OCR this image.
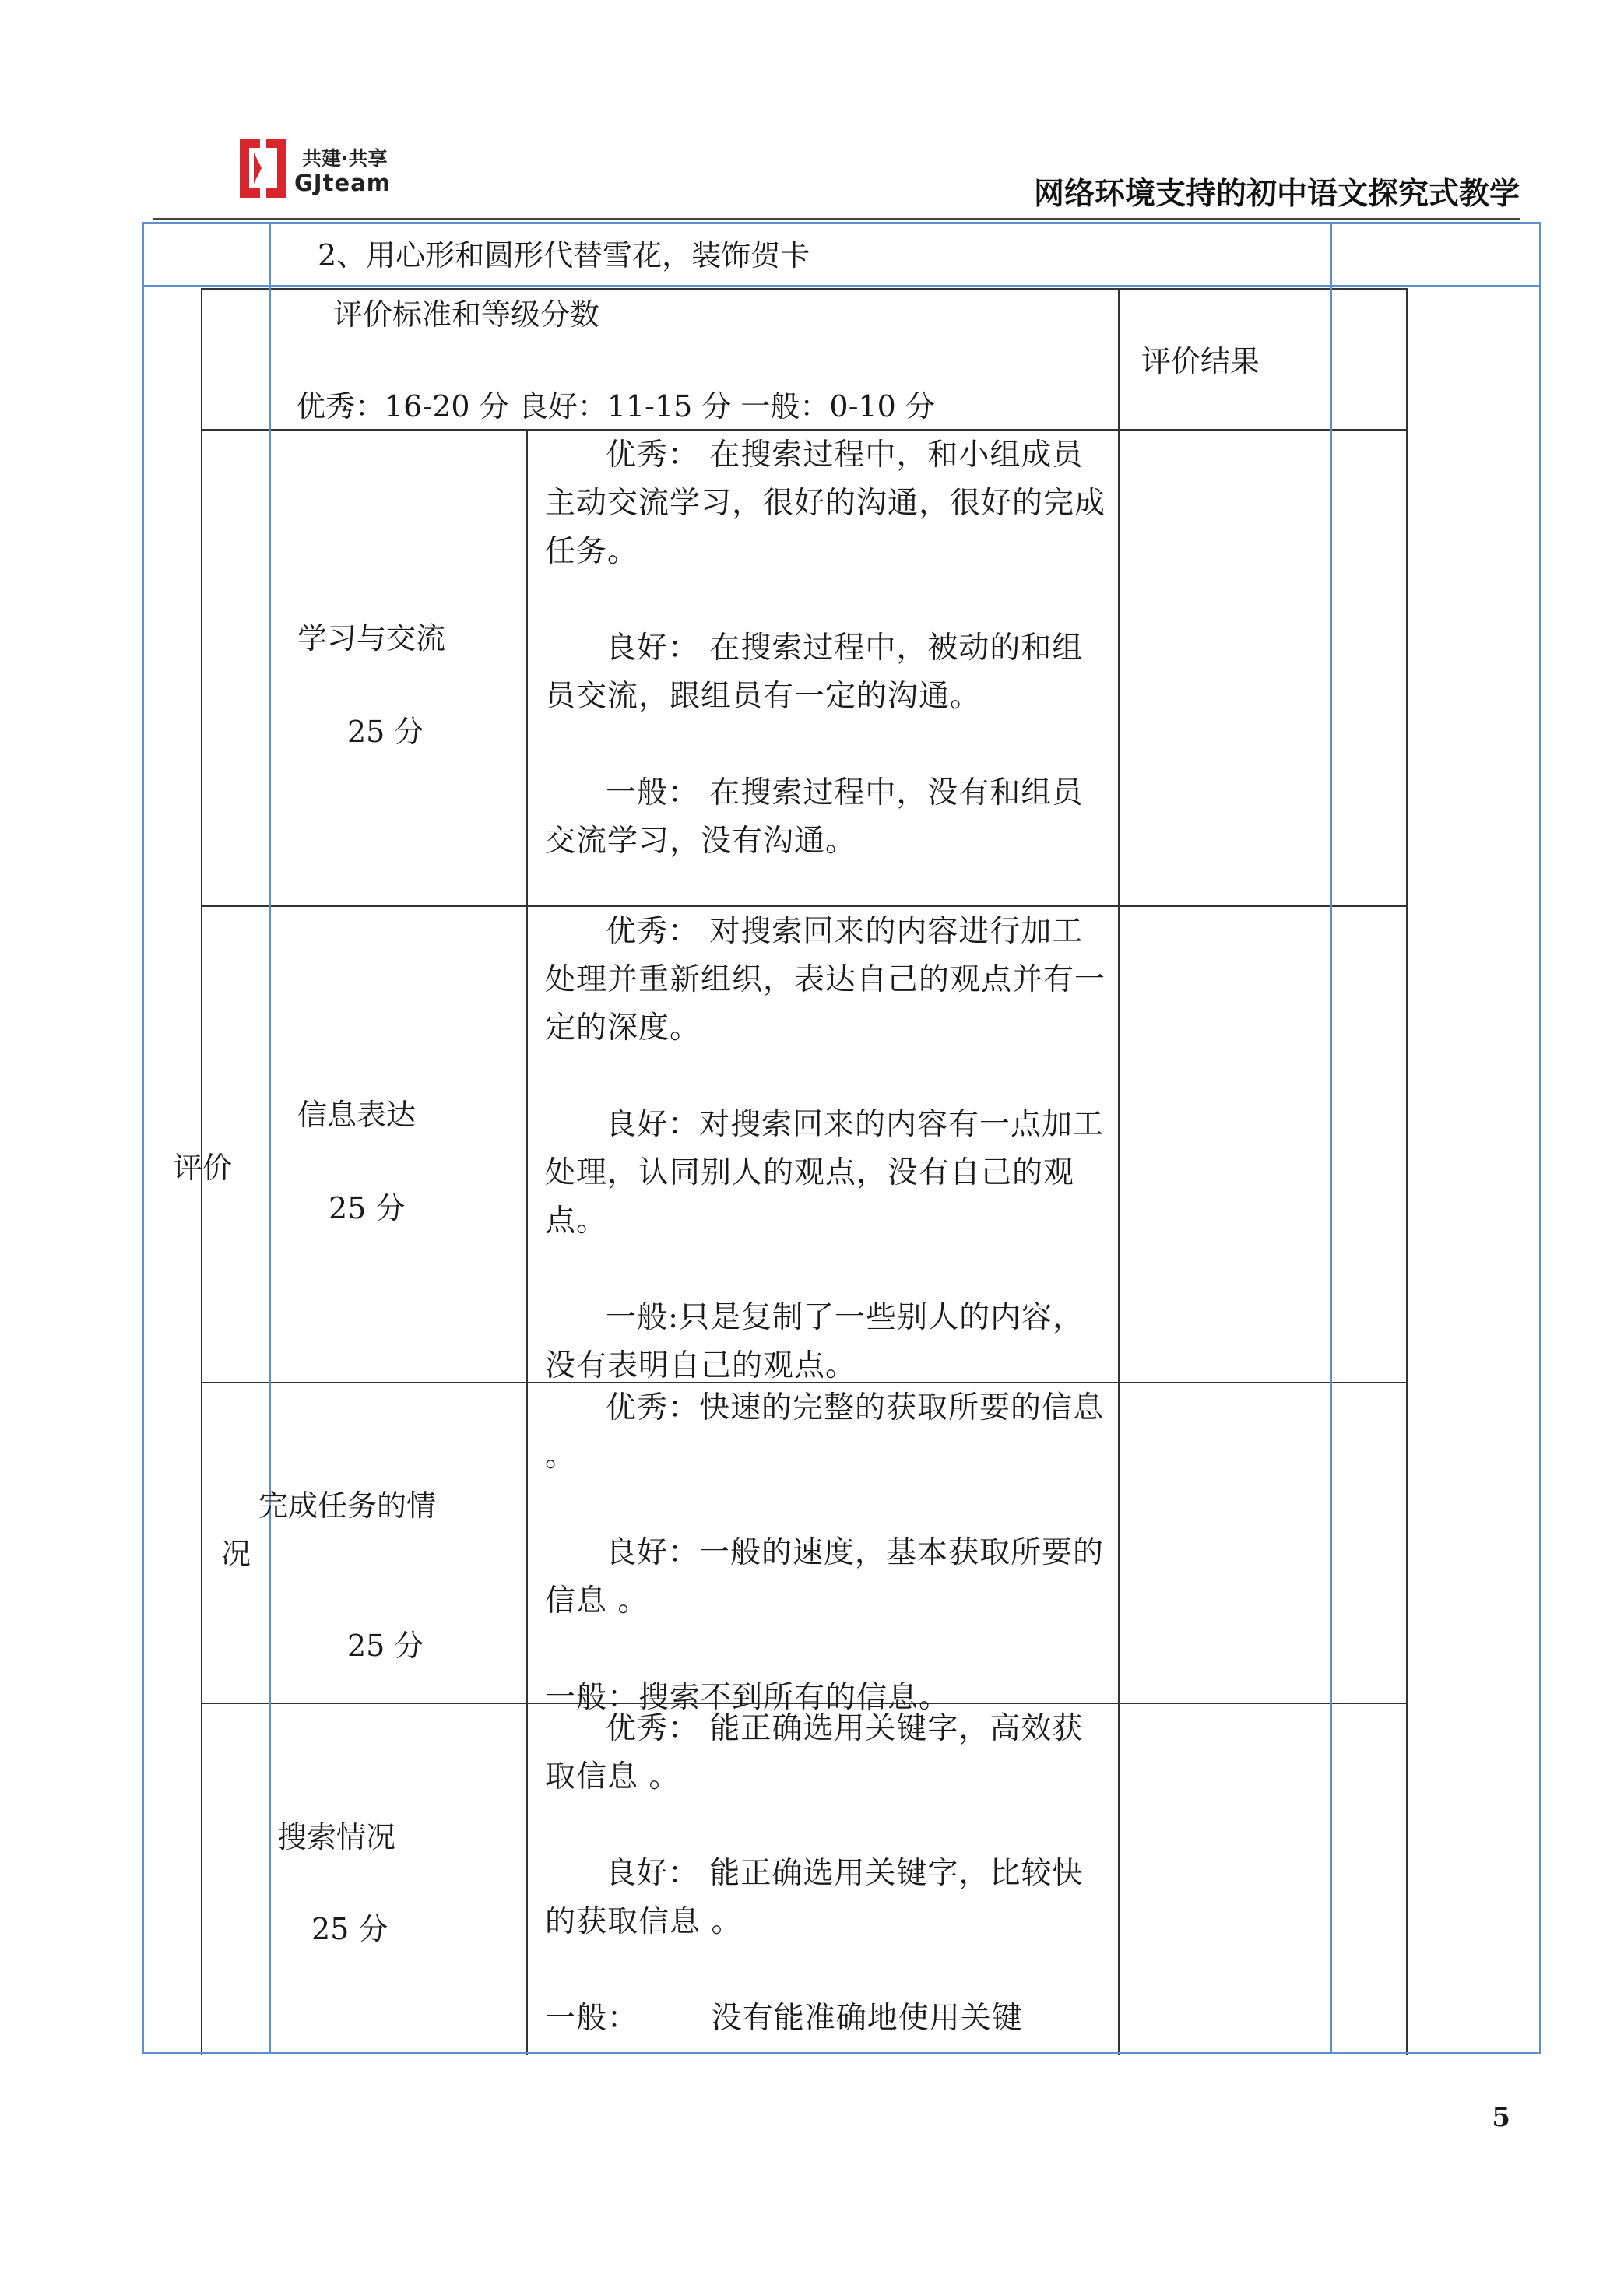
共建·共享
GJteam	网络环境支持的初中语文探究式教学
2、用心形和圆形代替雪花，装饰贺卡
评价
评价标准和等级分数
优秀：16-20 分 良好：11-15 分 一般：0-10 分
评价结果
学习与交流
25 分

优秀： 在搜索过程中，和小组成员主动交流学习，很好的沟通，很好的完成任务。

良好： 在搜索过程中，被动的和组员交流，跟组员有一定的沟通。

一般： 在搜索过程中，没有和组员交流学习，没有沟通。

信息表达
25 分

优秀： 对搜索回来的内容进行加工处理并重新组织，表达自己的观点并有一定的深度。

良好：对搜索回来的内容有一点加工处理，认同别人的观点，没有自己的观点。

一般:只是复制了一些别人的内容，没有表明自己的观点。

完成任务的情
况
25 分

优秀：快速的完整的获取所要的信息 。

良好：一般的速度，基本获取所要的信息 。

一般：搜索不到所有的信息。

搜索情况
25 分

优秀： 能正确选用关键字，高效获取信息 。

良好： 能正确选用关键字，比较快的获取信息 。

一般：       没有能准确地使用关键

5
